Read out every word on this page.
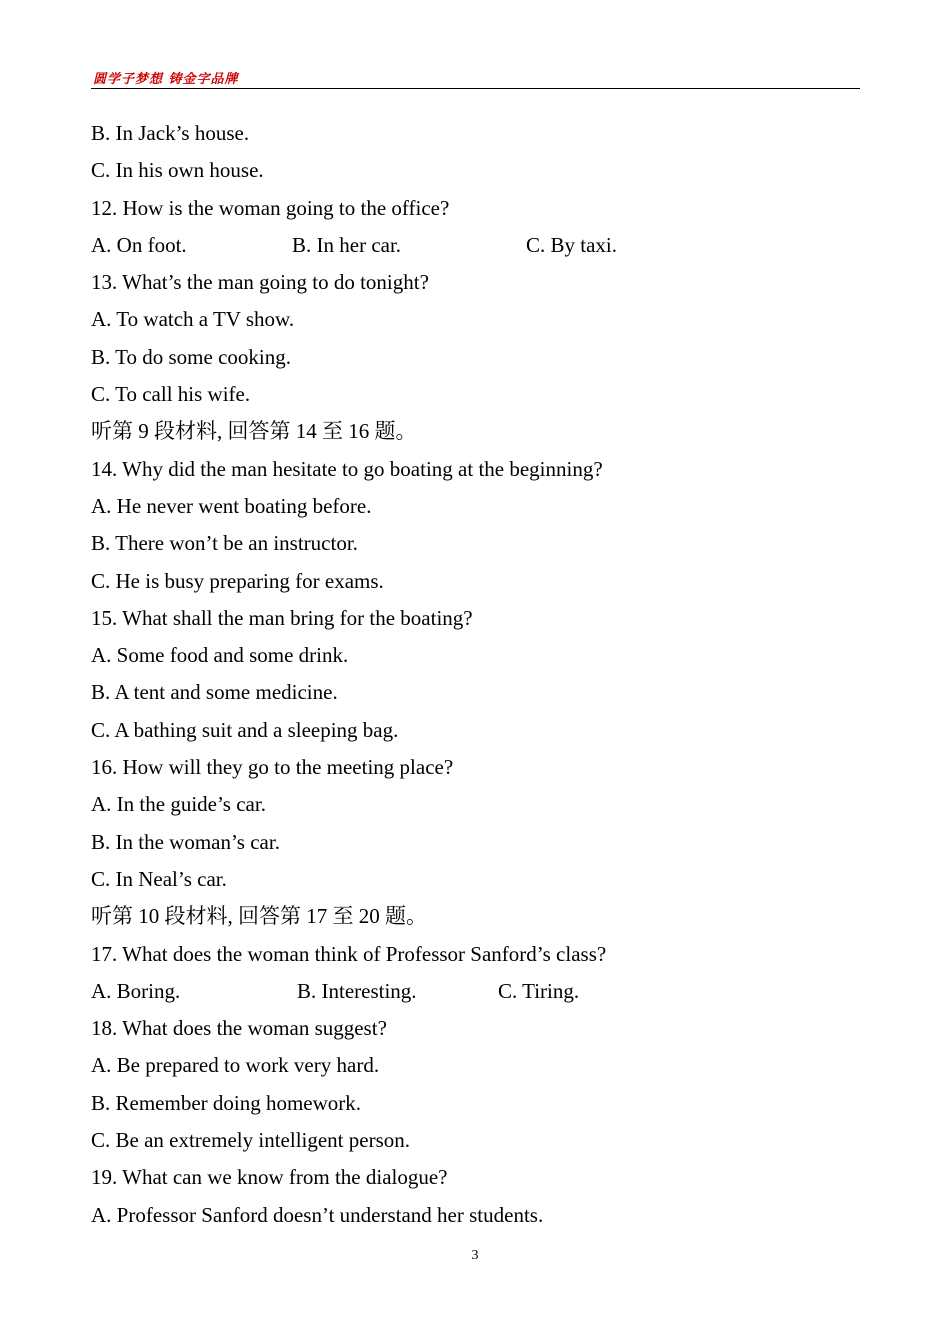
圆学子梦想 铸金字品牌
B. In Jack’s house.
C. In his own house.
12. How is the woman going to the office?
A. On foot.	B. In her car.	C. By taxi.
13. What’s the man going to do tonight?
A. To watch a TV show.
B. To do some cooking.
C. To call his wife.
听第 9 段材料, 回答第 14 至 16 题。
14. Why did the man hesitate to go boating at the beginning?
A. He never went boating before.
B. There won’t be an instructor.
C. He is busy preparing for exams.
15. What shall the man bring for the boating?
A. Some food and some drink.
B. A tent and some medicine.
C. A bathing suit and a sleeping bag.
16. How will they go to the meeting place?
A. In the guide’s car.
B. In the woman’s car.
C. In Neal’s car.
听第 10 段材料, 回答第 17 至 20 题。
17. What does the woman think of Professor Sanford’s class?
A. Boring.	B. Interesting.	C. Tiring.
18. What does the woman suggest?
A. Be prepared to work very hard.
B. Remember doing homework.
C. Be an extremely intelligent person.
19. What can we know from the dialogue?
A. Professor Sanford doesn’t understand her students.
3
